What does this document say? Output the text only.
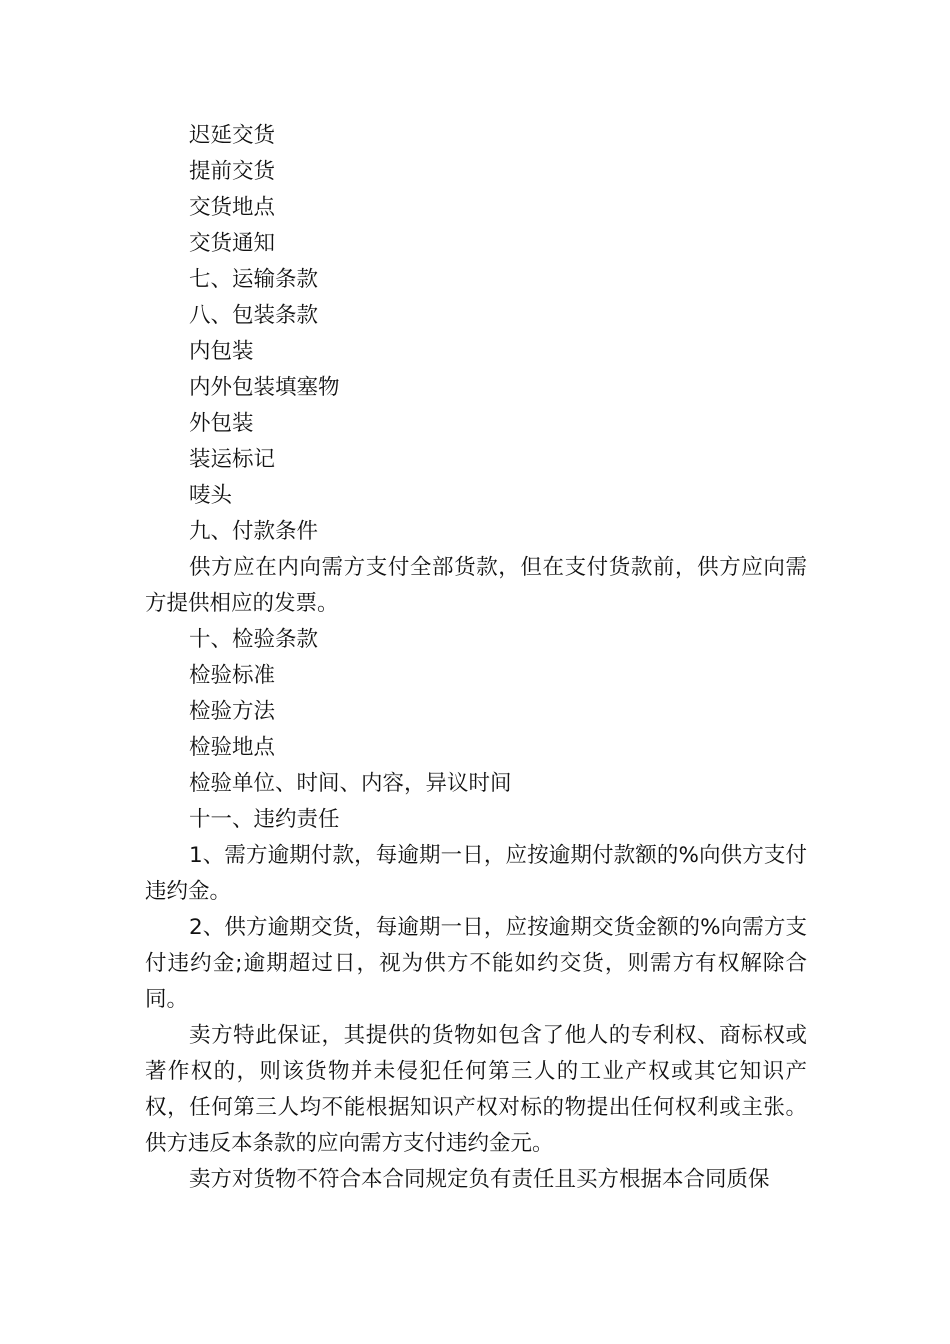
迟延交货

提前交货

交货地点

交货通知

七、运输条款

八、包装条款

内包装

内外包装填塞物

外包装

装运标记

唛头

九、付款条件

供方应在内向需方支付全部货款，但在支付货款前，供方应向需方提供相应的发票。

十、检验条款

检验标准

检验方法

检验地点

检验单位、时间、内容，异议时间

十一、违约责任

1、需方逾期付款，每逾期一日，应按逾期付款额的%向供方支付违约金。

2、供方逾期交货，每逾期一日，应按逾期交货金额的%向需方支付违约金;逾期超过日，视为供方不能如约交货，则需方有权解除合同。

卖方特此保证，其提供的货物如包含了他人的专利权、商标权或著作权的，则该货物并未侵犯任何第三人的工业产权或其它知识产权，任何第三人均不能根据知识产权对标的物提出任何权利或主张。供方违反本条款的应向需方支付违约金元。

卖方对货物不符合本合同规定负有责任且买方根据本合同质保
